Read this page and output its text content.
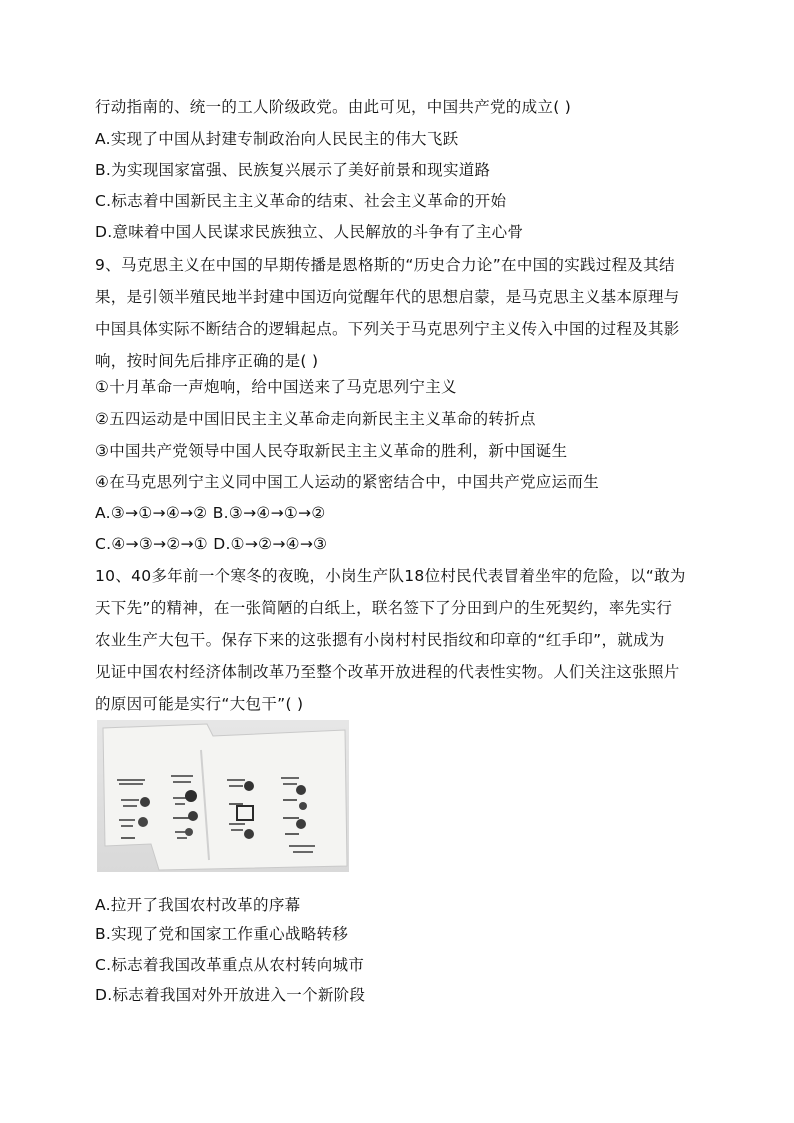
行动指南的、统一的工人阶级政党。由此可见，中国共产党的成立( )
A.实现了中国从封建专制政治向人民民主的伟大飞跃
B.为实现国家富强、民族复兴展示了美好前景和现实道路
C.标志着中国新民主主义革命的结束、社会主义革命的开始
D.意味着中国人民谋求民族独立、人民解放的斗争有了主心骨
9、马克思主义在中国的早期传播是恩格斯的“历史合力论”在中国的实践过程及其结
果，是引领半殖民地半封建中国迈向觉醒年代的思想启蒙，是马克思主义基本原理与
中国具体实际不断结合的逻辑起点。下列关于马克思列宁主义传入中国的过程及其影
响，按时间先后排序正确的是( )
①十月革命一声炮响，给中国送来了马克思列宁主义
②五四运动是中国旧民主主义革命走向新民主主义革命的转折点
③中国共产党领导中国人民夺取新民主主义革命的胜利，新中国诞生
④在马克思列宁主义同中国工人运动的紧密结合中，中国共产党应运而生
A.③→①→④→② B.③→④→①→②
C.④→③→②→① D.①→②→④→③
10、40多年前一个寒冬的夜晚，小岗生产队18位村民代表冒着坐牢的危险，以“敢为
天下先”的精神，在一张简陋的白纸上，联名签下了分田到户的生死契约，率先实行
农业生产大包干。保存下来的这张摁有小岗村村民指纹和印章的“红手印”，就成为
见证中国农村经济体制改革乃至整个改革开放进程的代表性实物。人们关注这张照片
的原因可能是实行“大包干”( )
A.拉开了我国农村改革的序幕
B.实现了党和国家工作重心战略转移
C.标志着我国改革重点从农村转向城市
D.标志着我国对外开放进入一个新阶段
